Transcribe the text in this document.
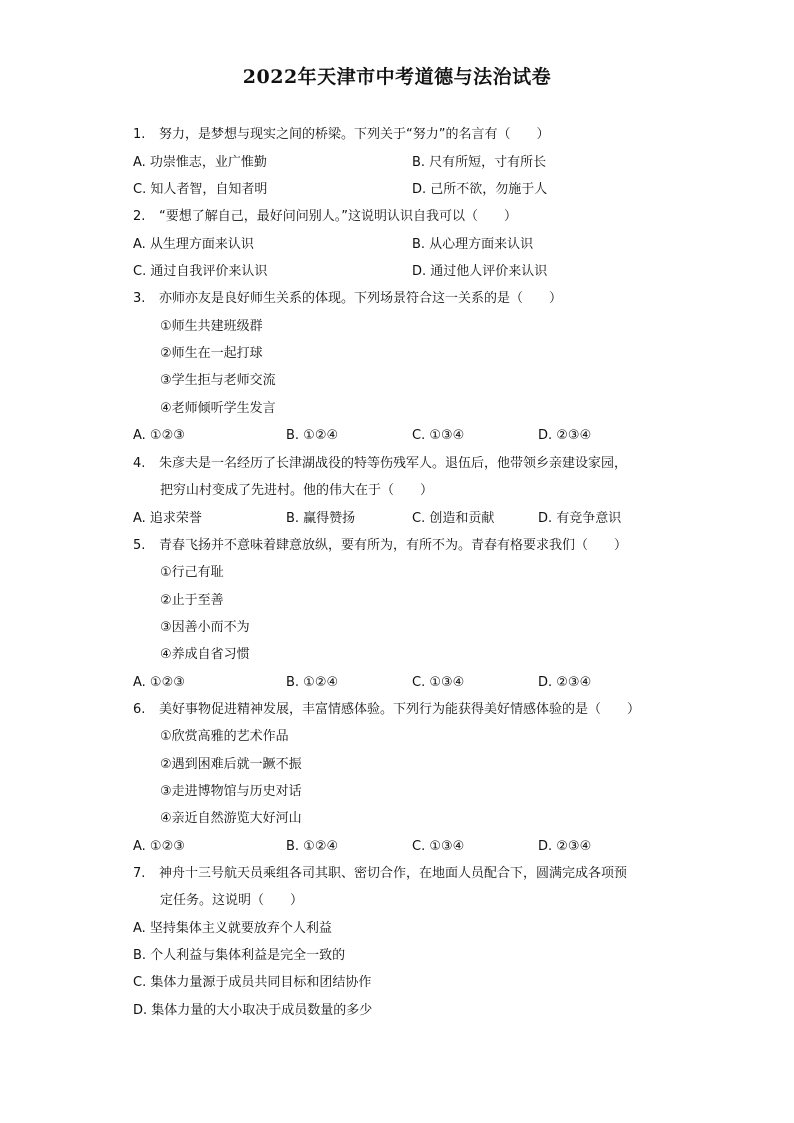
2022年天津市中考道德与法治试卷
1. 努力，是梦想与现实之间的桥梁。下列关于“努力”的名言有（　　）
A. 功崇惟志，业广惟勤	B. 尺有所短，寸有所长
C. 知人者智，自知者明	D. 己所不欲，勿施于人
2. “要想了解自己，最好问问别人。”这说明认识自我可以（　　）
A. 从生理方面来认识	B. 从心理方面来认识
C. 通过自我评价来认识	D. 通过他人评价来认识
3. 亦师亦友是良好师生关系的体现。下列场景符合这一关系的是（　　）
①师生共建班级群
②师生在一起打球
③学生拒与老师交流
④老师倾听学生发言
A. ①②③	B. ①②④	C. ①③④	D. ②③④
4. 朱彦夫是一名经历了长津湖战役的特等伤残军人。退伍后，他带领乡亲建设家园，
把穷山村变成了先进村。他的伟大在于（　　）
A. 追求荣誉	B. 赢得赞扬	C. 创造和贡献	D. 有竞争意识
5. 青春飞扬并不意味着肆意放纵，要有所为，有所不为。青春有格要求我们（　　）
①行己有耻
②止于至善
③因善小而不为
④养成自省习惯
A. ①②③	B. ①②④	C. ①③④	D. ②③④
6. 美好事物促进精神发展，丰富情感体验。下列行为能获得美好情感体验的是（　　）
①欣赏高雅的艺术作品
②遇到困难后就一蹶不振
③走进博物馆与历史对话
④亲近自然游览大好河山
A. ①②③	B. ①②④	C. ①③④	D. ②③④
7. 神舟十三号航天员乘组各司其职、密切合作，在地面人员配合下，圆满完成各项预
定任务。这说明（　　）
A. 坚持集体主义就要放弃个人利益
B. 个人利益与集体利益是完全一致的
C. 集体力量源于成员共同目标和团结协作
D. 集体力量的大小取决于成员数量的多少
